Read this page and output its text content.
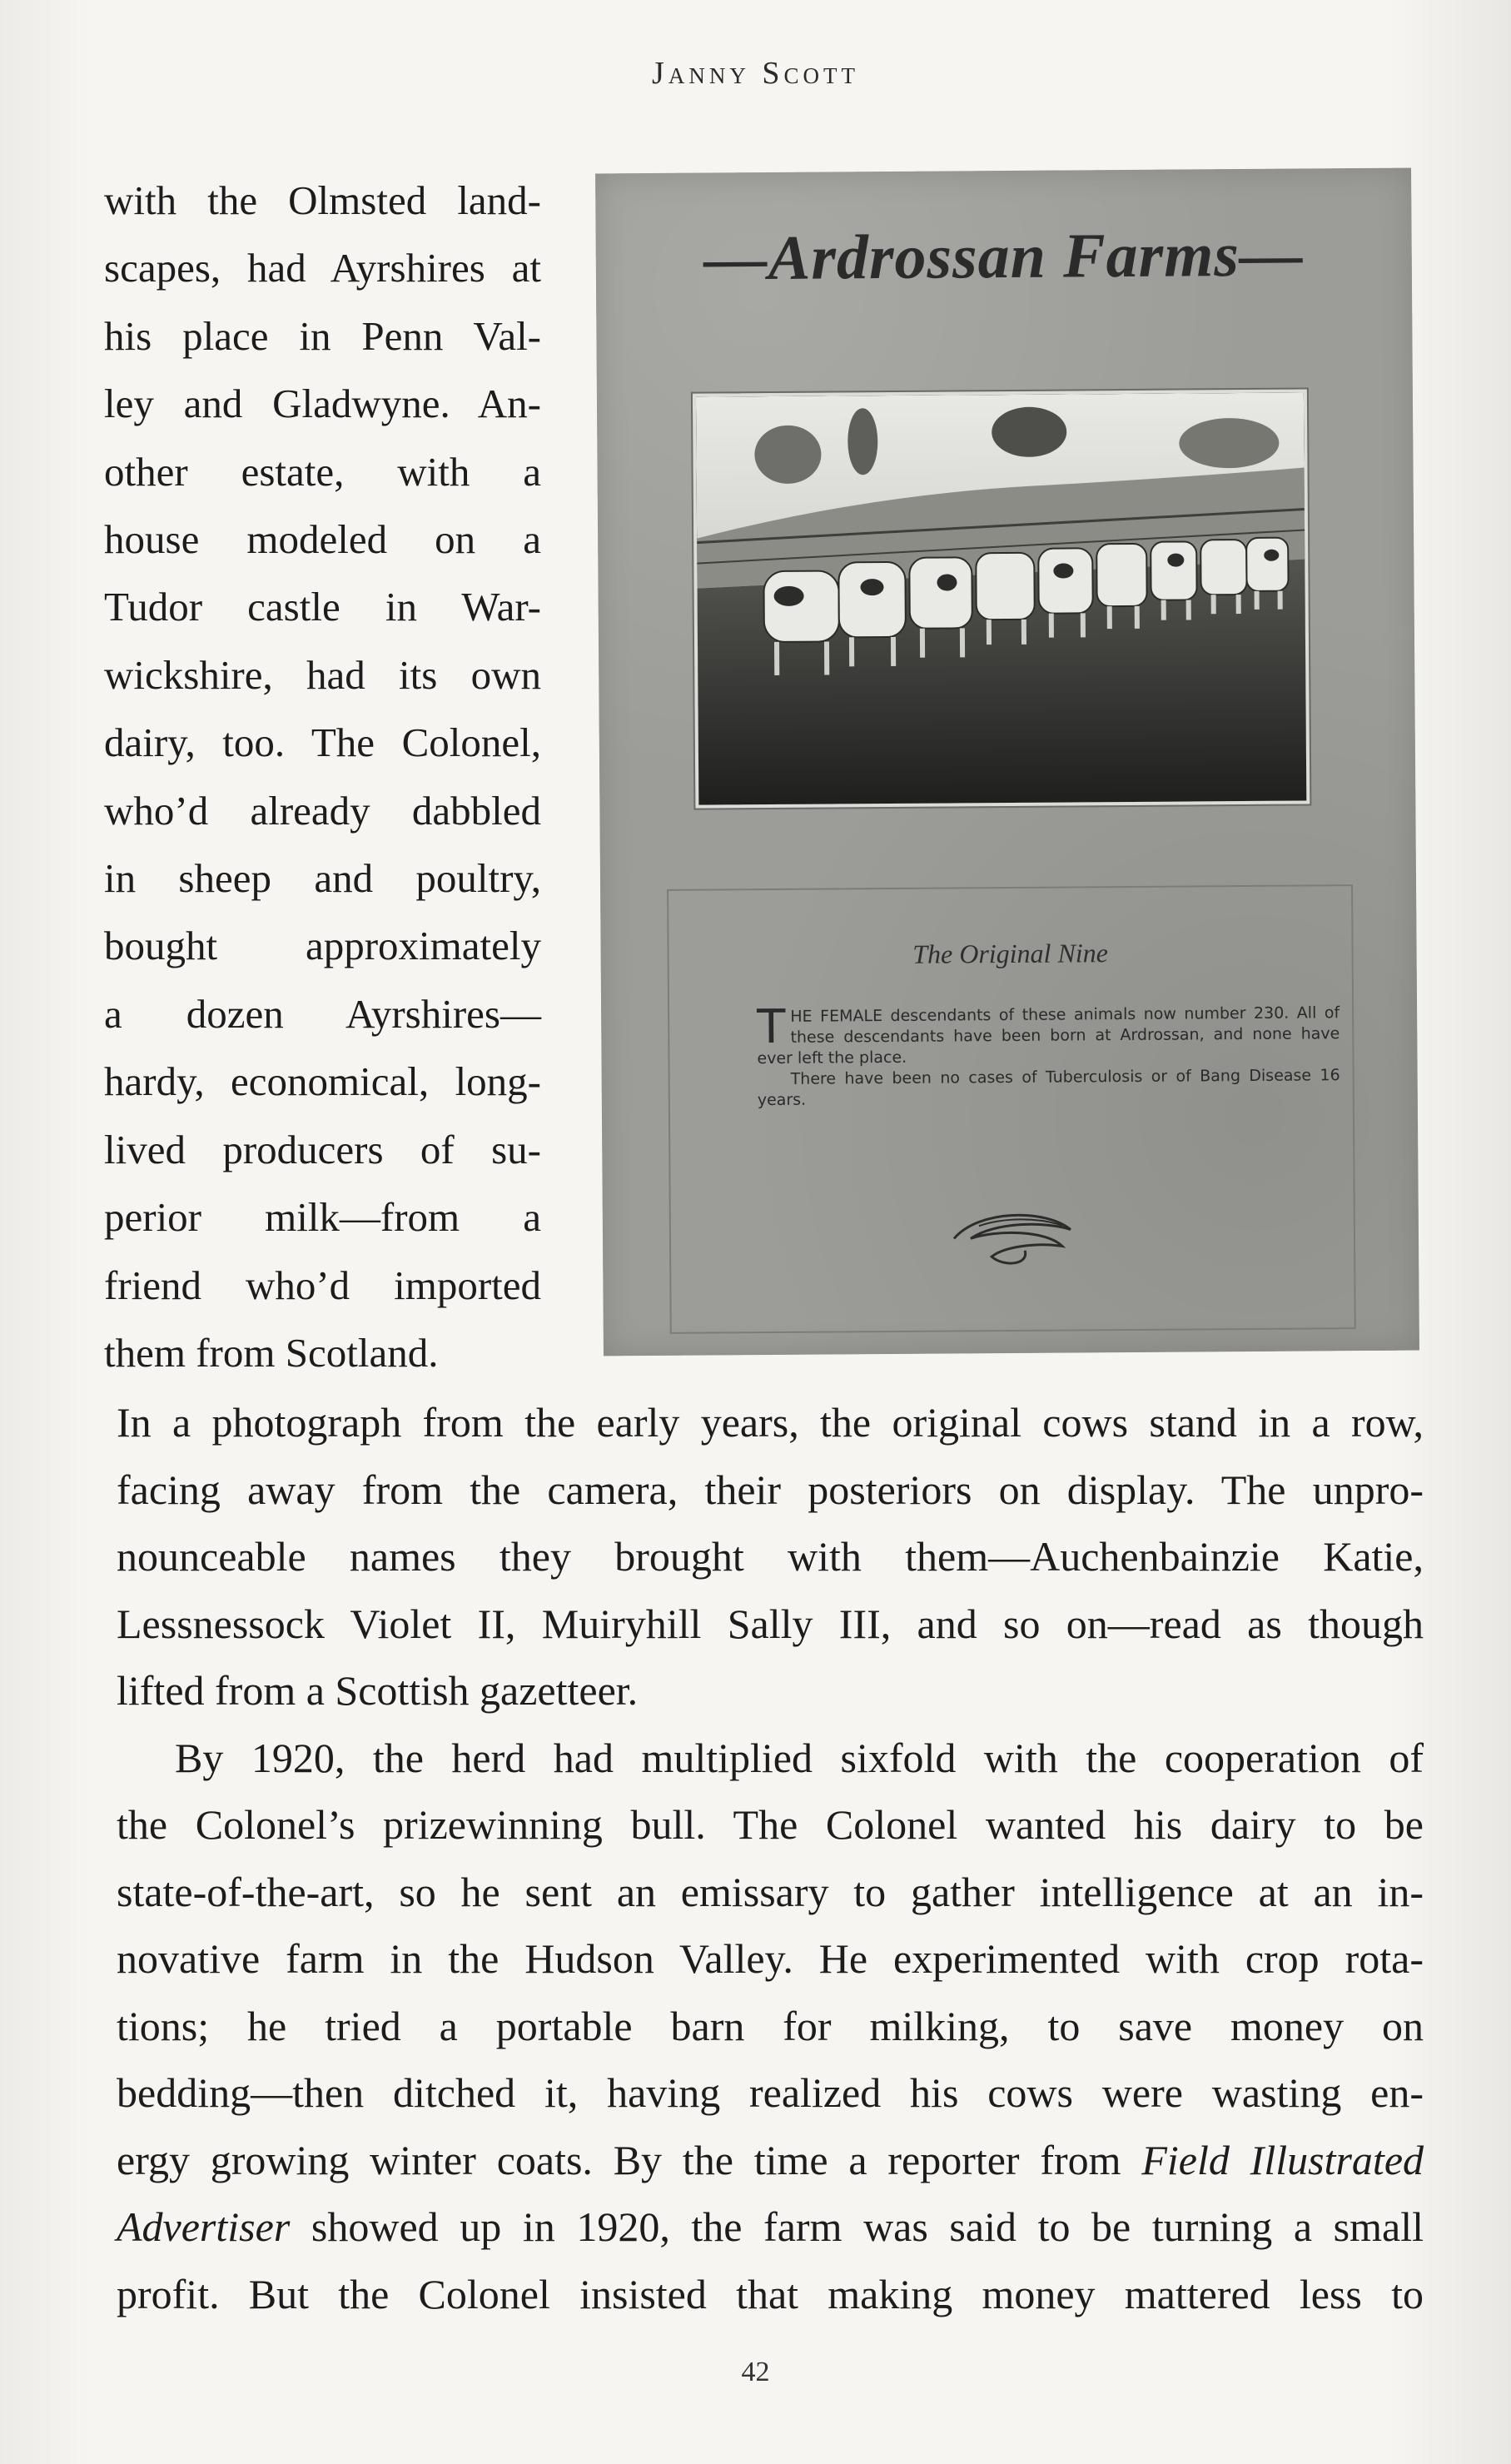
Janny Scott
with the Olmsted land-
scapes, had Ayrshires at
his place in Penn Val-
ley and Gladwyne. An-
other estate, with a
house modeled on a
Tudor castle in War-
wickshire, had its own
dairy, too. The Colonel,
who’d already dabbled
in sheep and poultry,
bought approximately
a dozen Ayrshires—
hardy, economical, long-
lived producers of su-
perior milk—from a
friend who’d imported
them from Scotland.
—Ardrossan Farms—
The Original Nine
THE FEMALE descendants of these animals now number 230. All of these descendants have been born at Ardrossan, and none have ever left the place.
There have been no cases of Tuberculosis or of Bang Disease 16 years.
In a photograph from the early years, the original cows stand in a row,
facing away from the camera, their posteriors on display. The unpro-
nounceable names they brought with them—Auchenbainzie Katie,
Lessnessock Violet II, Muiryhill Sally III, and so on—read as though
lifted from a Scottish gazetteer.
By 1920, the herd had multiplied sixfold with the cooperation of
the Colonel’s prizewinning bull. The Colonel wanted his dairy to be
state-of-the-art, so he sent an emissary to gather intelligence at an in-
novative farm in the Hudson Valley. He experimented with crop rota-
tions; he tried a portable barn for milking, to save money on
bedding—then ditched it, having realized his cows were wasting en-
ergy growing winter coats. By the time a reporter from Field Illustrated
Advertiser showed up in 1920, the farm was said to be turning a small
profit. But the Colonel insisted that making money mattered less to
42
